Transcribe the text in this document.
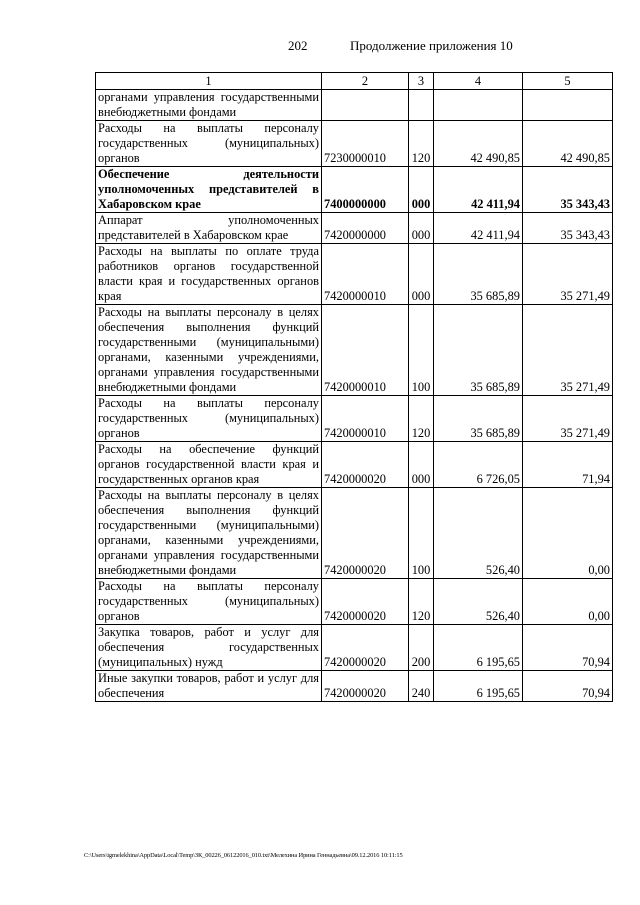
202	Продолжение приложения 10
1	2	3	4	5
органами управления государственными внебюджетными фондами				
Расходы на выплаты персоналу государственных (муниципальных) органов	7230000010	120	42 490,85	42 490,85
Обеспечение деятельности уполномоченных представителей в Хабаровском крае	7400000000	000	42 411,94	35 343,43
Аппарат уполномоченных представителей в Хабаровском крае	7420000000	000	42 411,94	35 343,43
Расходы на выплаты по оплате труда работников органов государственной власти края и государственных органов края	7420000010	000	35 685,89	35 271,49
Расходы на выплаты персоналу в целях обеспечения выполнения функций государственными (муниципальными) органами, казенными учреждениями, органами управления государственными внебюджетными фондами	7420000010	100	35 685,89	35 271,49
Расходы на выплаты персоналу государственных (муниципальных) органов	7420000010	120	35 685,89	35 271,49
Расходы на обеспечение функций органов государственной власти края и государственных органов края	7420000020	000	6 726,05	71,94
Расходы на выплаты персоналу в целях обеспечения выполнения функций государственными (муниципальными) органами, казенными учреждениями, органами управления государственными внебюджетными фондами	7420000020	100	526,40	0,00
Расходы на выплаты персоналу государственных (муниципальных) органов	7420000020	120	526,40	0,00
Закупка товаров, работ и услуг для обеспечения государственных (муниципальных) нужд	7420000020	200	6 195,65	70,94
Иные закупки товаров, работ и услуг для обеспечения	7420000020	240	6 195,65	70,94
C:\Users\igmelekhina\AppData\Local\Temp\ЗК_00226_06122016_010.txt\Мелехина Ирина Геннадьевна\09.12.2016 10:11:15
